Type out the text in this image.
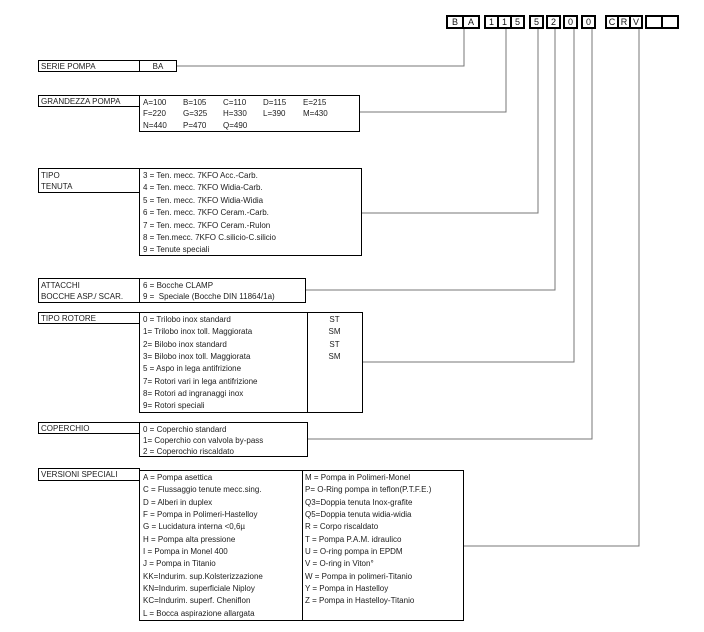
B	A	1 1 5	5	2	0	0	C R V
SERIE POMPA	BA
GRANDEZZA POMPA	A=100	B=105	C=110	D=115	E=215
F=220	G=325	H=330	L=390	M=430
N=440	P=470	Q=490
TIPO
TENUTA
3 = Ten. mecc. 7KFO Acc.-Carb.
4 = Ten. mecc. 7KFO Widia-Carb.
5 = Ten. mecc. 7KFO Widia-Widia
6 = Ten. mecc. 7KFO Ceram.-Carb.
7 = Ten. mecc. 7KFO Ceram.-Rulon
8 = Ten.mecc. 7KFO C.silicio-C.silicio
9 = Tenute speciali
ATTACCHI
BOCCHE ASP./ SCAR.
6 = Bocche CLAMP
9 =  Speciale (Bocche DIN 11864/1a)
TIPO ROTORE	0 = Trilobo inox standard	ST
1= Trilobo inox toll. Maggiorata	SM
2= Bilobo inox standard	ST
3= Bilobo inox toll. Maggiorata	SM
5 = Aspo in lega antifrizione
7= Rotori vari in lega antifrizione
8= Rotori ad ingranaggi inox
9= Rotori speciali
COPERCHIO	0 = Coperchio standard
1= Coperchio con valvola by-pass
2 = Coperochio riscaldato
VERSIONI SPECIALI	A = Pompa asettica
C = Flussaggio tenute mecc.sing.
D = Alberi in duplex
F = Pompa in Polimeri-Hastelloy
G = Lucidatura interna <0,6µ
H = Pompa alta pressione
I = Pompa in Monel 400
J = Pompa in Titanio
KK=Indurim. sup.Kolsterizzazione
KN=Indurim. superficiale Niploy
KC=Indurim. superf. Cheniflon
L = Bocca aspirazione allargata
M = Pompa in Polimeri-Monel
P= O-Ring pompa in teflon(P.T.F.E.)
Q3=Doppia tenuta Inox-grafite
Q5=Doppia tenuta widia-widia
R = Corpo riscaldato
T = Pompa P.A.M. idraulico
U = O-ring pompa in EPDM
V = O-ring in Viton°
W = Pompa in polimeri-Titanio
Y = Pompa in Hastelloy
Z = Pompa in Hastelloy-Titanio
